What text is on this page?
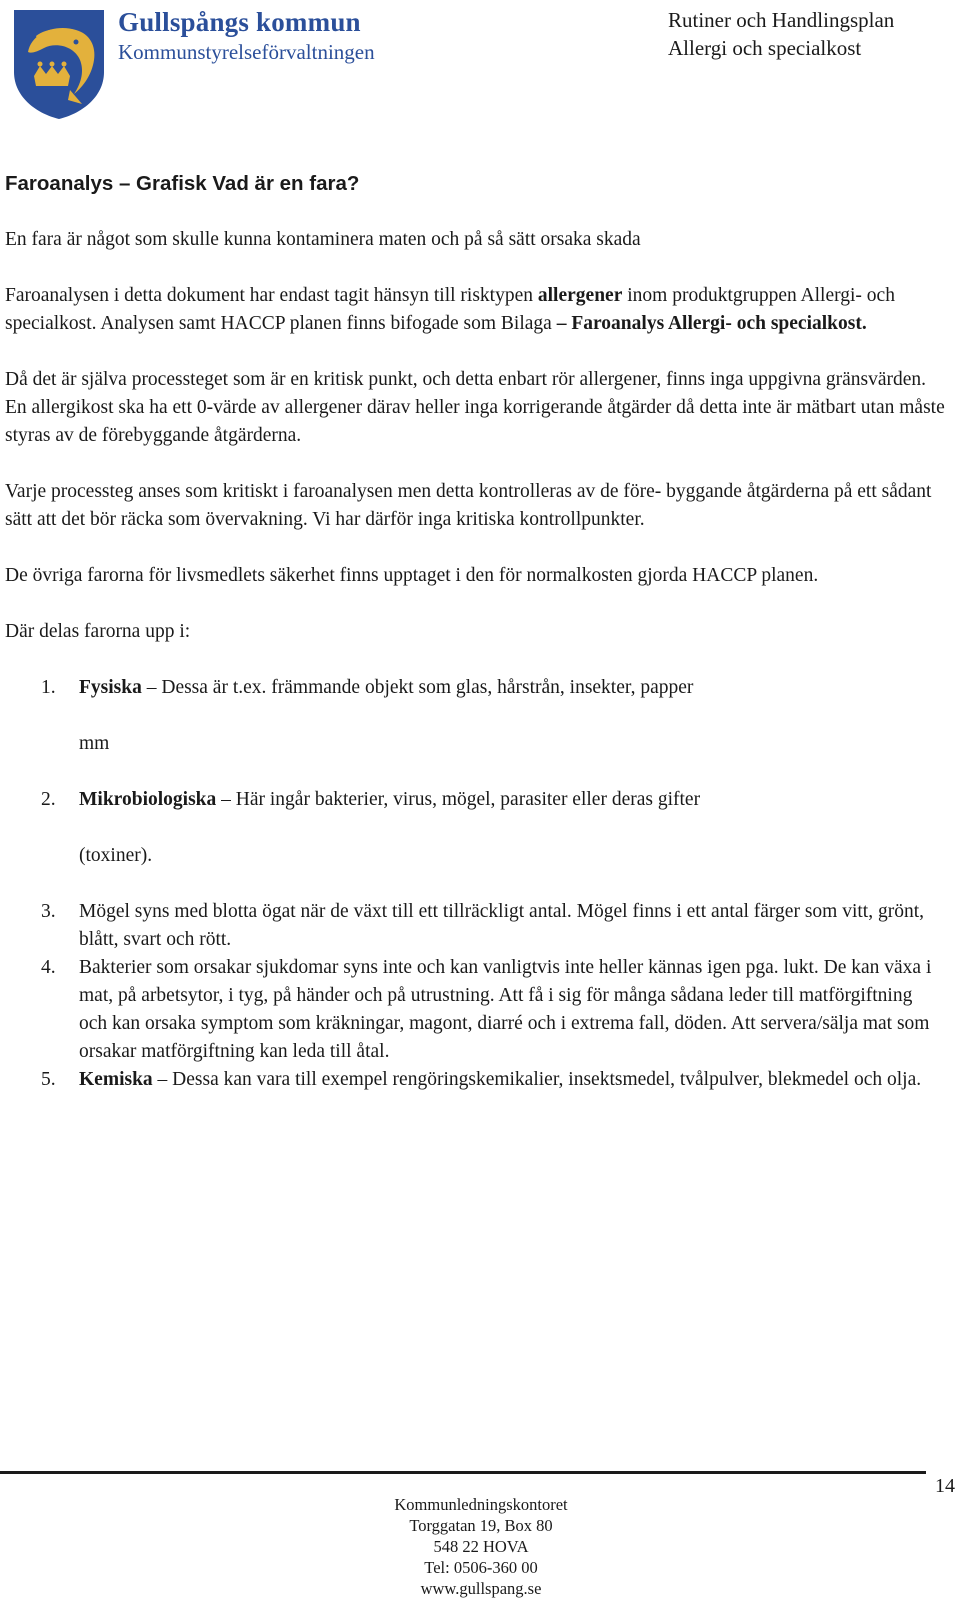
Gullspångs kommun
Kommunstyrelseförvaltningen
Rutiner och Handlingsplan
Allergi och specialkost
Faroanalys – Grafisk Vad är en fara?
En fara är något som skulle kunna kontaminera maten och på så sätt orsaka skada
Faroanalysen i detta dokument har endast tagit hänsyn till risktypen allergener inom produktgruppen Allergi- och specialkost. Analysen samt HACCP planen finns bifogade som Bilaga – Faroanalys Allergi- och specialkost.
Då det är själva processteget som är en kritisk punkt, och detta enbart rör allergener, finns inga uppgivna gränsvärden. En allergikost ska ha ett 0-värde av allergener därav heller inga korrigerande åtgärder då detta inte är mätbart utan måste styras av de förebyggande åtgärderna.
Varje processteg anses som kritiskt i faroanalysen men detta kontrolleras av de före- byggande åtgärderna på ett sådant sätt att det bör räcka som övervakning. Vi har därför inga kritiska kontrollpunkter.
De övriga farorna för livsmedlets säkerhet finns upptaget i den för normalkosten gjorda HACCP planen.
Där delas farorna upp i:
1. Fysiska – Dessa är t.ex. främmande objekt som glas, hårstrån, insekter, papper
mm
2. Mikrobiologiska – Här ingår bakterier, virus, mögel, parasiter eller deras gifter
(toxiner).
3. Mögel syns med blotta ögat när de växt till ett tillräckligt antal. Mögel finns i ett antal färger som vitt, grönt, blått, svart och rött.
4. Bakterier som orsakar sjukdomar syns inte och kan vanligtvis inte heller kännas igen pga. lukt. De kan växa i mat, på arbetsytor, i tyg, på händer och på utrustning. Att få i sig för många sådana leder till matförgiftning och kan orsaka symptom som kräkningar, magont, diarré och i extrema fall, döden. Att servera/sälja mat som orsakar matförgiftning kan leda till åtal.
5. Kemiska – Dessa kan vara till exempel rengöringskemikalier, insektsmedel, tvålpulver, blekmedel och olja.
14
Kommunledningskontoret
Torggatan 19, Box 80
548 22 HOVA
Tel: 0506-360 00
www.gullspang.se
